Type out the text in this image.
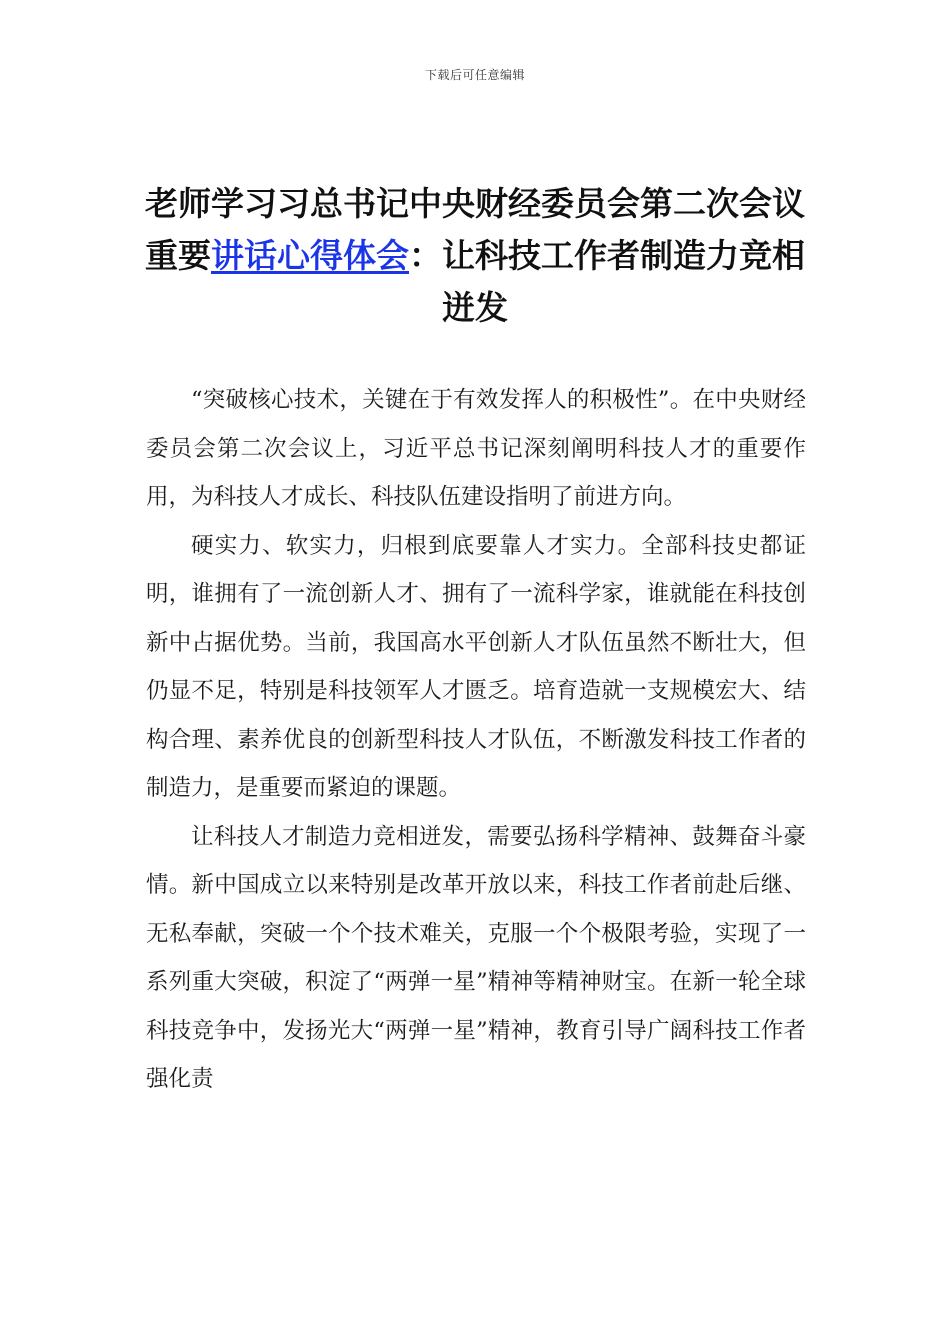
下载后可任意编辑
老师学习习总书记中央财经委员会第二次会议重要讲话心得体会：让科技工作者制造力竞相迸发

“突破核心技术，关键在于有效发挥人的积极性”。在中央财经委员会第二次会议上，习近平总书记深刻阐明科技人才的重要作用，为科技人才成长、科技队伍建设指明了前进方向。

硬实力、软实力，归根到底要靠人才实力。全部科技史都证明，谁拥有了一流创新人才、拥有了一流科学家，谁就能在科技创新中占据优势。当前，我国高水平创新人才队伍虽然不断壮大，但仍显不足，特别是科技领军人才匮乏。培育造就一支规模宏大、结构合理、素养优良的创新型科技人才队伍，不断激发科技工作者的制造力，是重要而紧迫的课题。

让科技人才制造力竞相迸发，需要弘扬科学精神、鼓舞奋斗豪情。新中国成立以来特别是改革开放以来，科技工作者前赴后继、无私奉献，突破一个个技术难关，克服一个个极限考验，实现了一系列重大突破，积淀了“两弹一星”精神等精神财宝。在新一轮全球科技竞争中，发扬光大“两弹一星”精神，教育引导广阔科技工作者强化责
